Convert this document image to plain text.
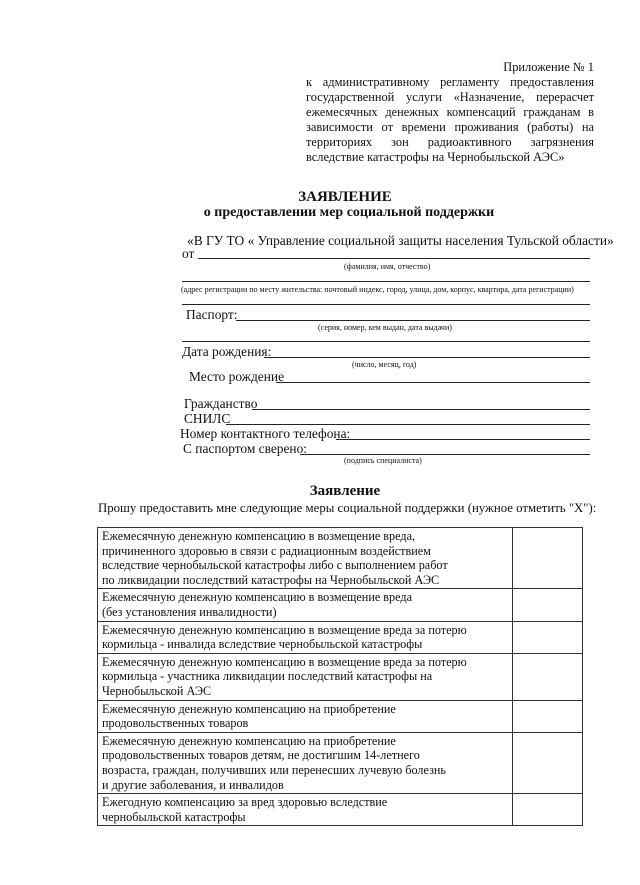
Приложение № 1
к административному регламенту предоставления
государственной услуги «Назначение, перерасчет
ежемесячных денежных компенсаций гражданам в
зависимости от времени проживания (работы) на
территориях зон радиоактивного загрязнения
вследствие катастрофы на Чернобыльской АЭС»
ЗАЯВЛЕНИЕ
о предоставлении мер социальной поддержки
«В ГУ ТО « Управление социальной защиты населения Тульской области»
от
(фамилия, имя, отчество)
(адрес регистрации по месту жительства: почтовый индекс, город, улица, дом, корпус, квартира, дата регистрации)
Паспорт:
(серия, номер, кем выдан, дата выдачи)
Дата рождения:
(число, месяц, год)
Место рождение
Гражданство
СНИЛС
Номер контактного телефона:
С паспортом сверено:
(подпись специалиста)
Заявление
Прошу предоставить мне следующие меры социальной поддержки (нужное отметить "Х"):
Ежемесячную денежную компенсацию в возмещение вреда,
причиненного здоровью в связи с радиационным воздействием
вследствие чернобыльской катастрофы либо с выполнением работ
по ликвидации последствий катастрофы на Чернобыльской АЭС	

Ежемесячную денежную компенсацию в возмещение вреда
(без установления инвалидности)	

Ежемесячную денежную компенсацию в возмещение вреда за потерю
кормильца - инвалида вследствие чернобыльской катастрофы	

Ежемесячную денежную компенсацию в возмещение вреда за потерю
кормильца - участника ликвидации последствий катастрофы на
Чернобыльской АЭС	

Ежемесячную денежную компенсацию на приобретение
продовольственных товаров	

Ежемесячную денежную компенсацию на приобретение
продовольственных товаров детям, не достигшим 14-летнего
возраста, граждан, получивших или перенесших лучевую болезнь
и другие заболевания, и инвалидов	

Ежегодную компенсацию за вред здоровью вследствие
чернобыльской катастрофы	
